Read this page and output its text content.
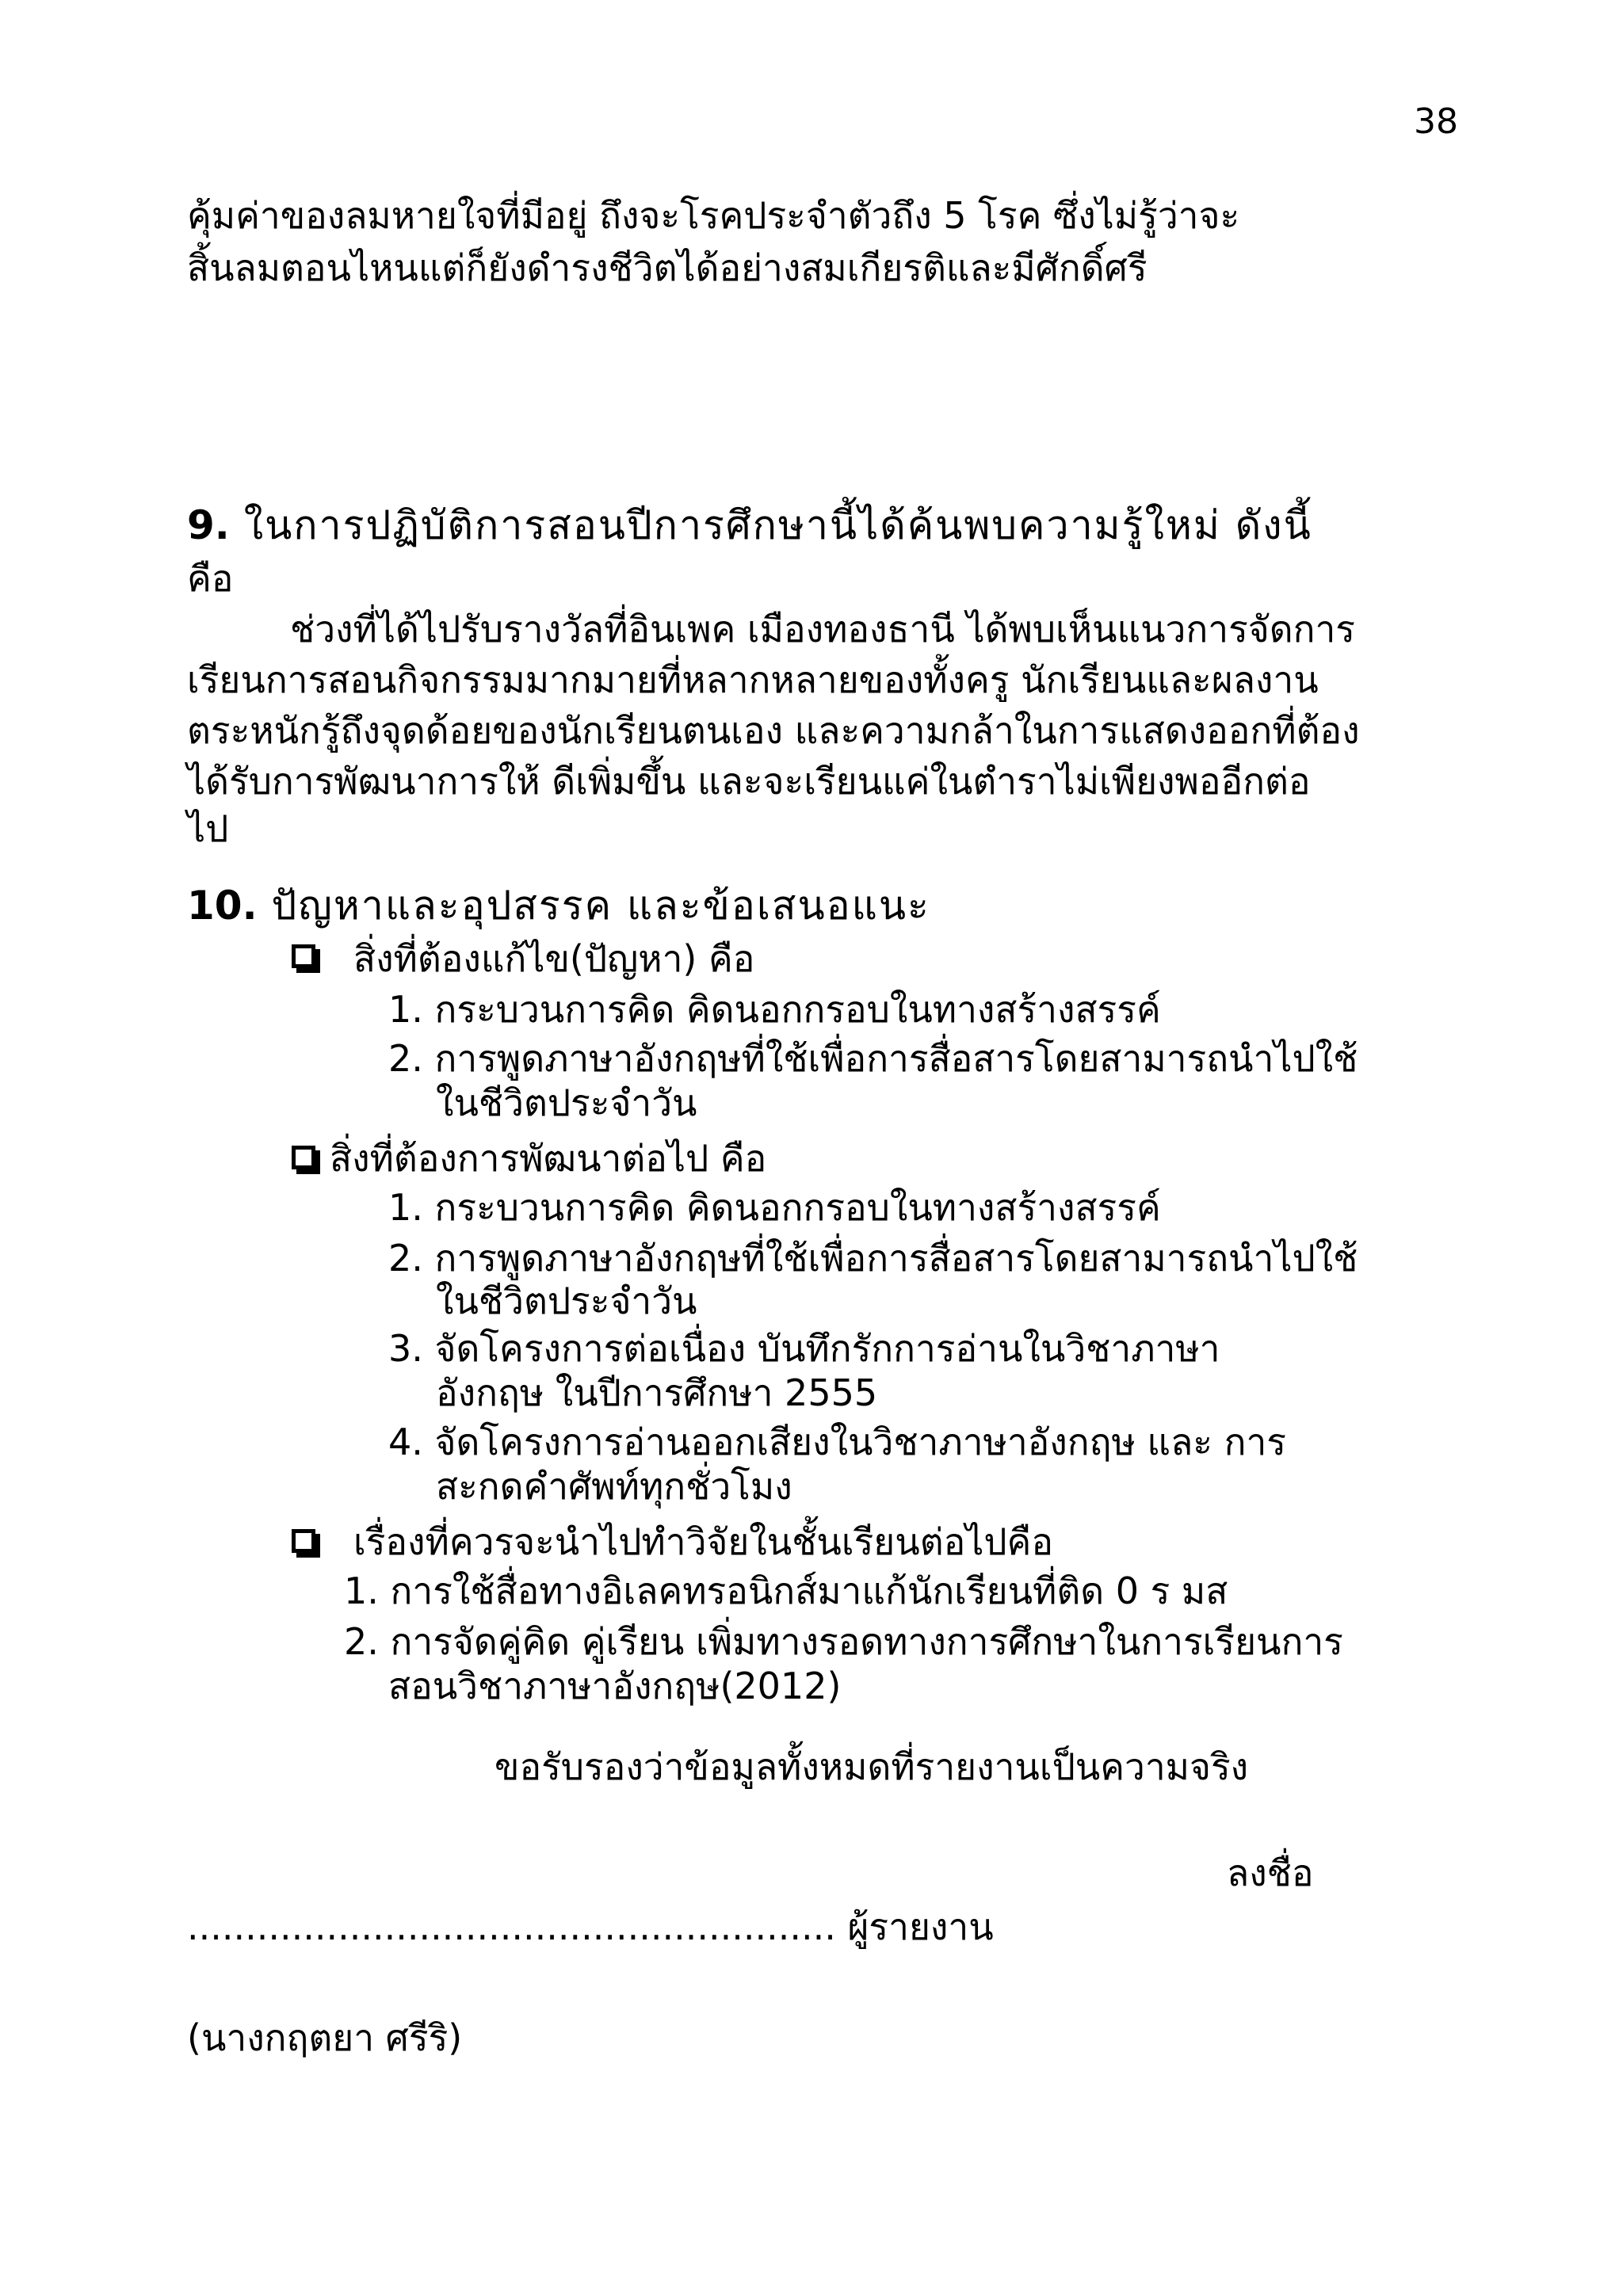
38
คุ้มค่าของลมหายใจที่มีอยู่ ถึงจะโรคประจำตัวถึง 5 โรค ซึ่งไม่รู้ว่าจะ
สิ้นลมตอนไหนแต่ก็ยังดำรงชีวิตได้อย่างสมเกียรติและมีศักดิ์ศรี
9. ในการปฏิบัติการสอนปีการศึกษานี้ได้ค้นพบความรู้ใหม่ ดังนี้
คือ
ช่วงที่ได้ไปรับรางวัลที่อินเพค เมืองทองธานี ได้พบเห็นแนวการจัดการ
เรียนการสอนกิจกรรมมากมายที่หลากหลายของทั้งครู นักเรียนและผลงาน
ตระหนักรู้ถึงจุดด้อยของนักเรียนตนเอง และความกล้าในการแสดงออกที่ต้อง
ได้รับการพัฒนาการให้ ดีเพิ่มขึ้น และจะเรียนแค่ในตำราไม่เพียงพออีกต่อ
ไป
10. ปัญหาและอุปสรรค และข้อเสนอแนะ
สิ่งที่ต้องแก้ไข(ปัญหา) คือ
1. กระบวนการคิด คิดนอกกรอบในทางสร้างสรรค์
2. การพูดภาษาอังกฤษที่ใช้เพื่อการสื่อสารโดยสามารถนำไปใช้
ในชีวิตประจำวัน
สิ่งที่ต้องการพัฒนาต่อไป คือ
1. กระบวนการคิด คิดนอกกรอบในทางสร้างสรรค์
2. การพูดภาษาอังกฤษที่ใช้เพื่อการสื่อสารโดยสามารถนำไปใช้
ในชีวิตประจำวัน
3. จัดโครงการต่อเนื่อง บันทึกรักการอ่านในวิชาภาษา
อังกฤษ ในปีการศึกษา 2555
4. จัดโครงการอ่านออกเสียงในวิชาภาษาอังกฤษ และ การ
สะกดคำศัพท์ทุกชั่วโมง
เรื่องที่ควรจะนำไปทำวิจัยในชั้นเรียนต่อไปคือ
1. การใช้สื่อทางอิเลคทรอนิกส์มาแก้นักเรียนที่ติด 0 ร มส
2. การจัดคู่คิด คู่เรียน เพิ่มทางรอดทางการศึกษาในการเรียนการ
สอนวิชาภาษาอังกฤษ(2012)
ขอรับรองว่าข้อมูลทั้งหมดที่รายงานเป็นความจริง
ลงชื่อ
........................................................ ผู้รายงาน
(นางกฤตยา ศรีริ)
